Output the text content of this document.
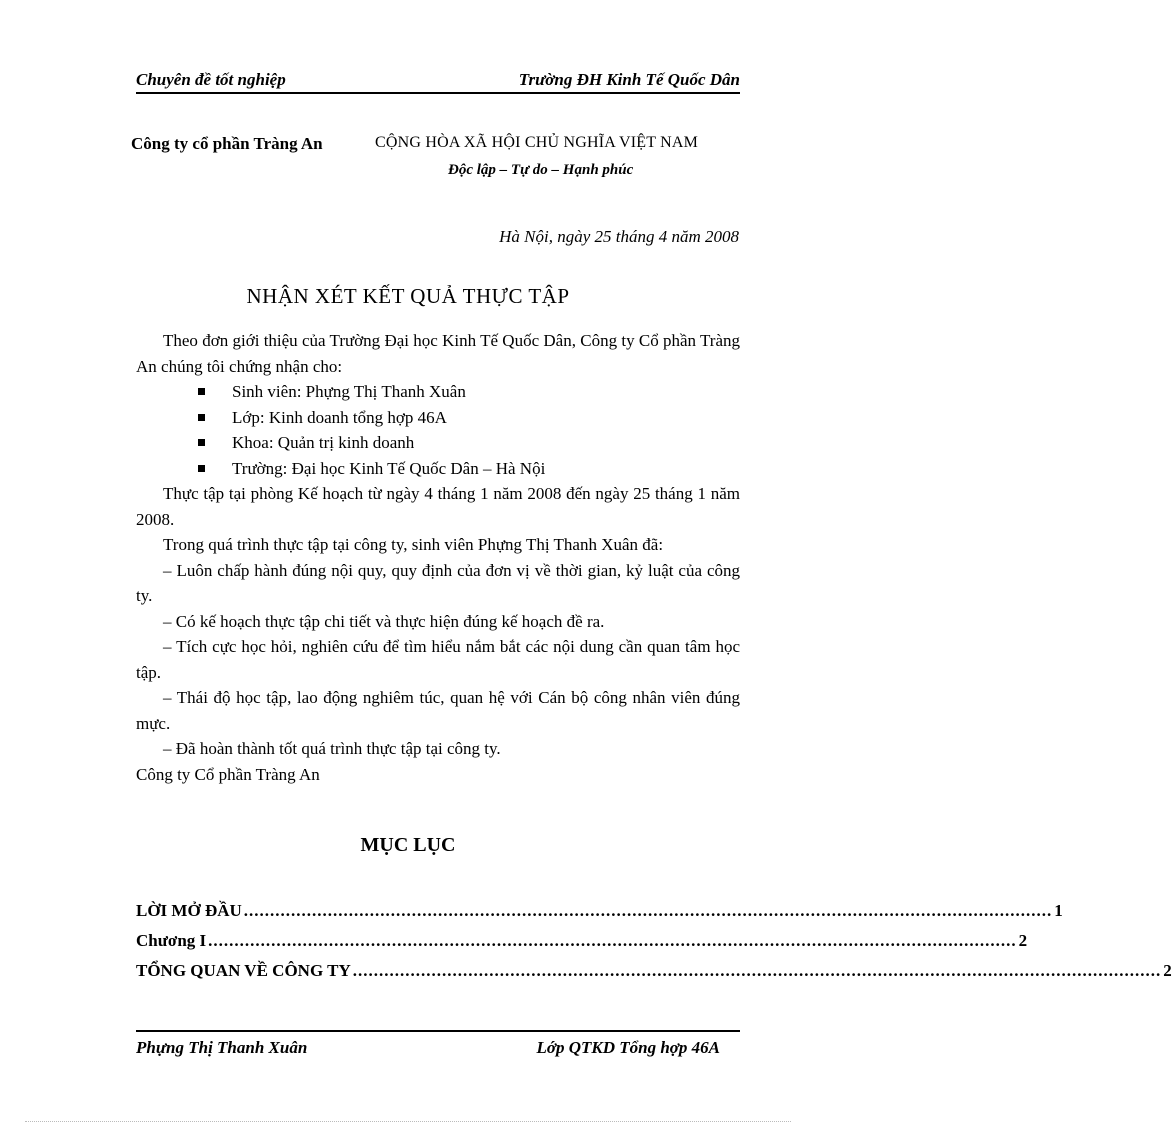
Chuyên đề tốt nghiệp	Trường ĐH Kinh Tế Quốc Dân
Công ty cổ phần Tràng An	CỘNG HÒA XÃ HỘI CHỦ NGHĨA VIỆT NAM
Độc lập – Tự do – Hạnh phúc
Hà Nội, ngày 25 tháng 4 năm 2008
NHẬN XÉT KẾT QUẢ THỰC TẬP

Theo đơn giới thiệu của Trường Đại học Kinh Tế Quốc Dân, Công ty Cổ phần Tràng An chúng tôi chứng nhận cho:

Sinh viên: Phựng Thị Thanh Xuân
Lớp: Kinh doanh tổng hợp 46A
Khoa: Quản trị kinh doanh
Trường: Đại học Kinh Tế Quốc Dân – Hà Nội

Thực tập tại phòng Kế hoạch từ ngày 4 tháng 1 năm 2008 đến ngày 25 tháng 1 năm 2008.

Trong quá trình thực tập tại công ty, sinh viên Phựng Thị Thanh Xuân đã:

– Luôn chấp hành đúng nội quy, quy định của đơn vị về thời gian, kỷ luật của công ty.

– Có kế hoạch thực tập chi tiết và thực hiện đúng kế hoạch đề ra.

– Tích cực học hỏi, nghiên cứu để tìm hiểu nắm bắt các nội dung cần quan tâm học tập.

– Thái độ học tập, lao động nghiêm túc, quan hệ với Cán bộ công nhân viên đúng mực.

– Đã hoàn thành tốt quá trình thực tập tại công ty.

Công ty Cổ phần Tràng An

MỤC LỤC
LỜI MỞ ĐẦU .......................................................................................................................................................... 1
Chương I .......................................................................................................................................................... 2
TỔNG QUAN VỀ CÔNG TY .......................................................................................................................................................... 2
Phựng Thị Thanh Xuân	Lớp QTKD Tổng hợp 46A
